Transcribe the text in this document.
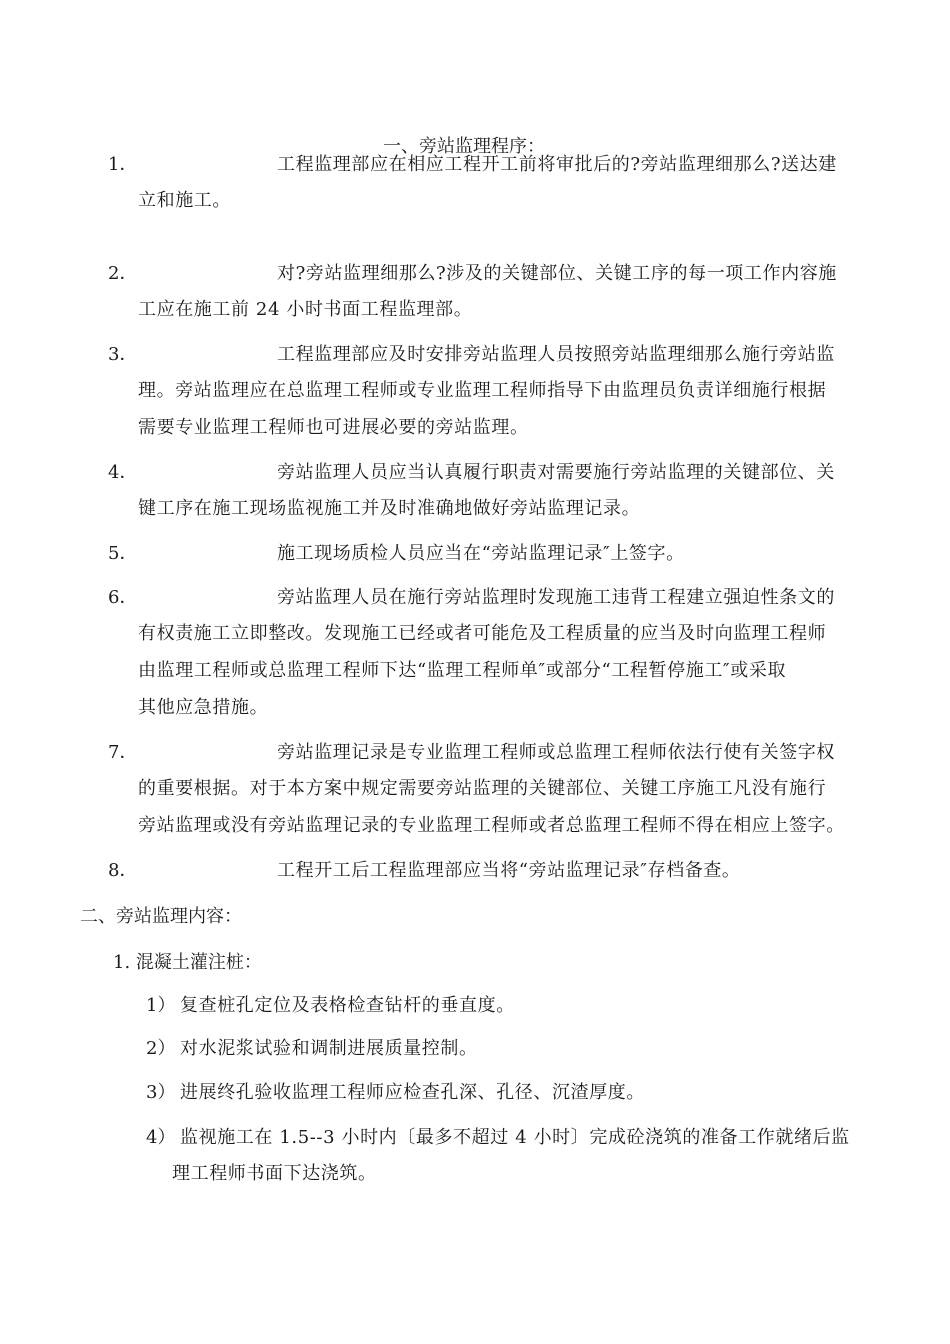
一、旁站监理程序：
1．	工程监理部应在相应工程开工前将审批后的?旁站监理细那么?送达建
立和施工。
2．	对?旁站监理细那么?涉及的关键部位、关键工序的每一项工作内容施
工应在施工前 24 小时书面工程监理部。
3．	工程监理部应及时安排旁站监理人员按照旁站监理细那么施行旁站监
理。旁站监理应在总监理工程师或专业监理工程师指导下由监理员负责详细施行根据
需要专业监理工程师也可进展必要的旁站监理。
4．	旁站监理人员应当认真履行职责对需要施行旁站监理的关键部位、关
键工序在施工现场监视施工并及时准确地做好旁站监理记录。
5．	施工现场质检人员应当在“旁站监理记录″上签字。
6．	旁站监理人员在施行旁站监理时发现施工违背工程建立强迫性条文的
有权责施工立即整改。发现施工已经或者可能危及工程质量的应当及时向监理工程师
由监理工程师或总监理工程师下达“监理工程师单″或部分“工程暂停施工″或采取
其他应急措施。
7．	旁站监理记录是专业监理工程师或总监理工程师依法行使有关签字权
的重要根据。对于本方案中规定需要旁站监理的关键部位、关键工序施工凡没有施行
旁站监理或没有旁站监理记录的专业监理工程师或者总监理工程师不得在相应上签字。
8．	工程开工后工程监理部应当将“旁站监理记录″存档备查。
二、旁站监理内容：
1. 混凝土灌注桩：
1） 复查桩孔定位及表格检查钻杆的垂直度。
2） 对水泥浆试验和调制进展质量控制。
3） 进展终孔验收监理工程师应检查孔深、孔径、沉渣厚度。
4） 监视施工在 1.5--3 小时内〔最多不超过 4 小时〕完成砼浇筑的准备工作就绪后监
理工程师书面下达浇筑。
